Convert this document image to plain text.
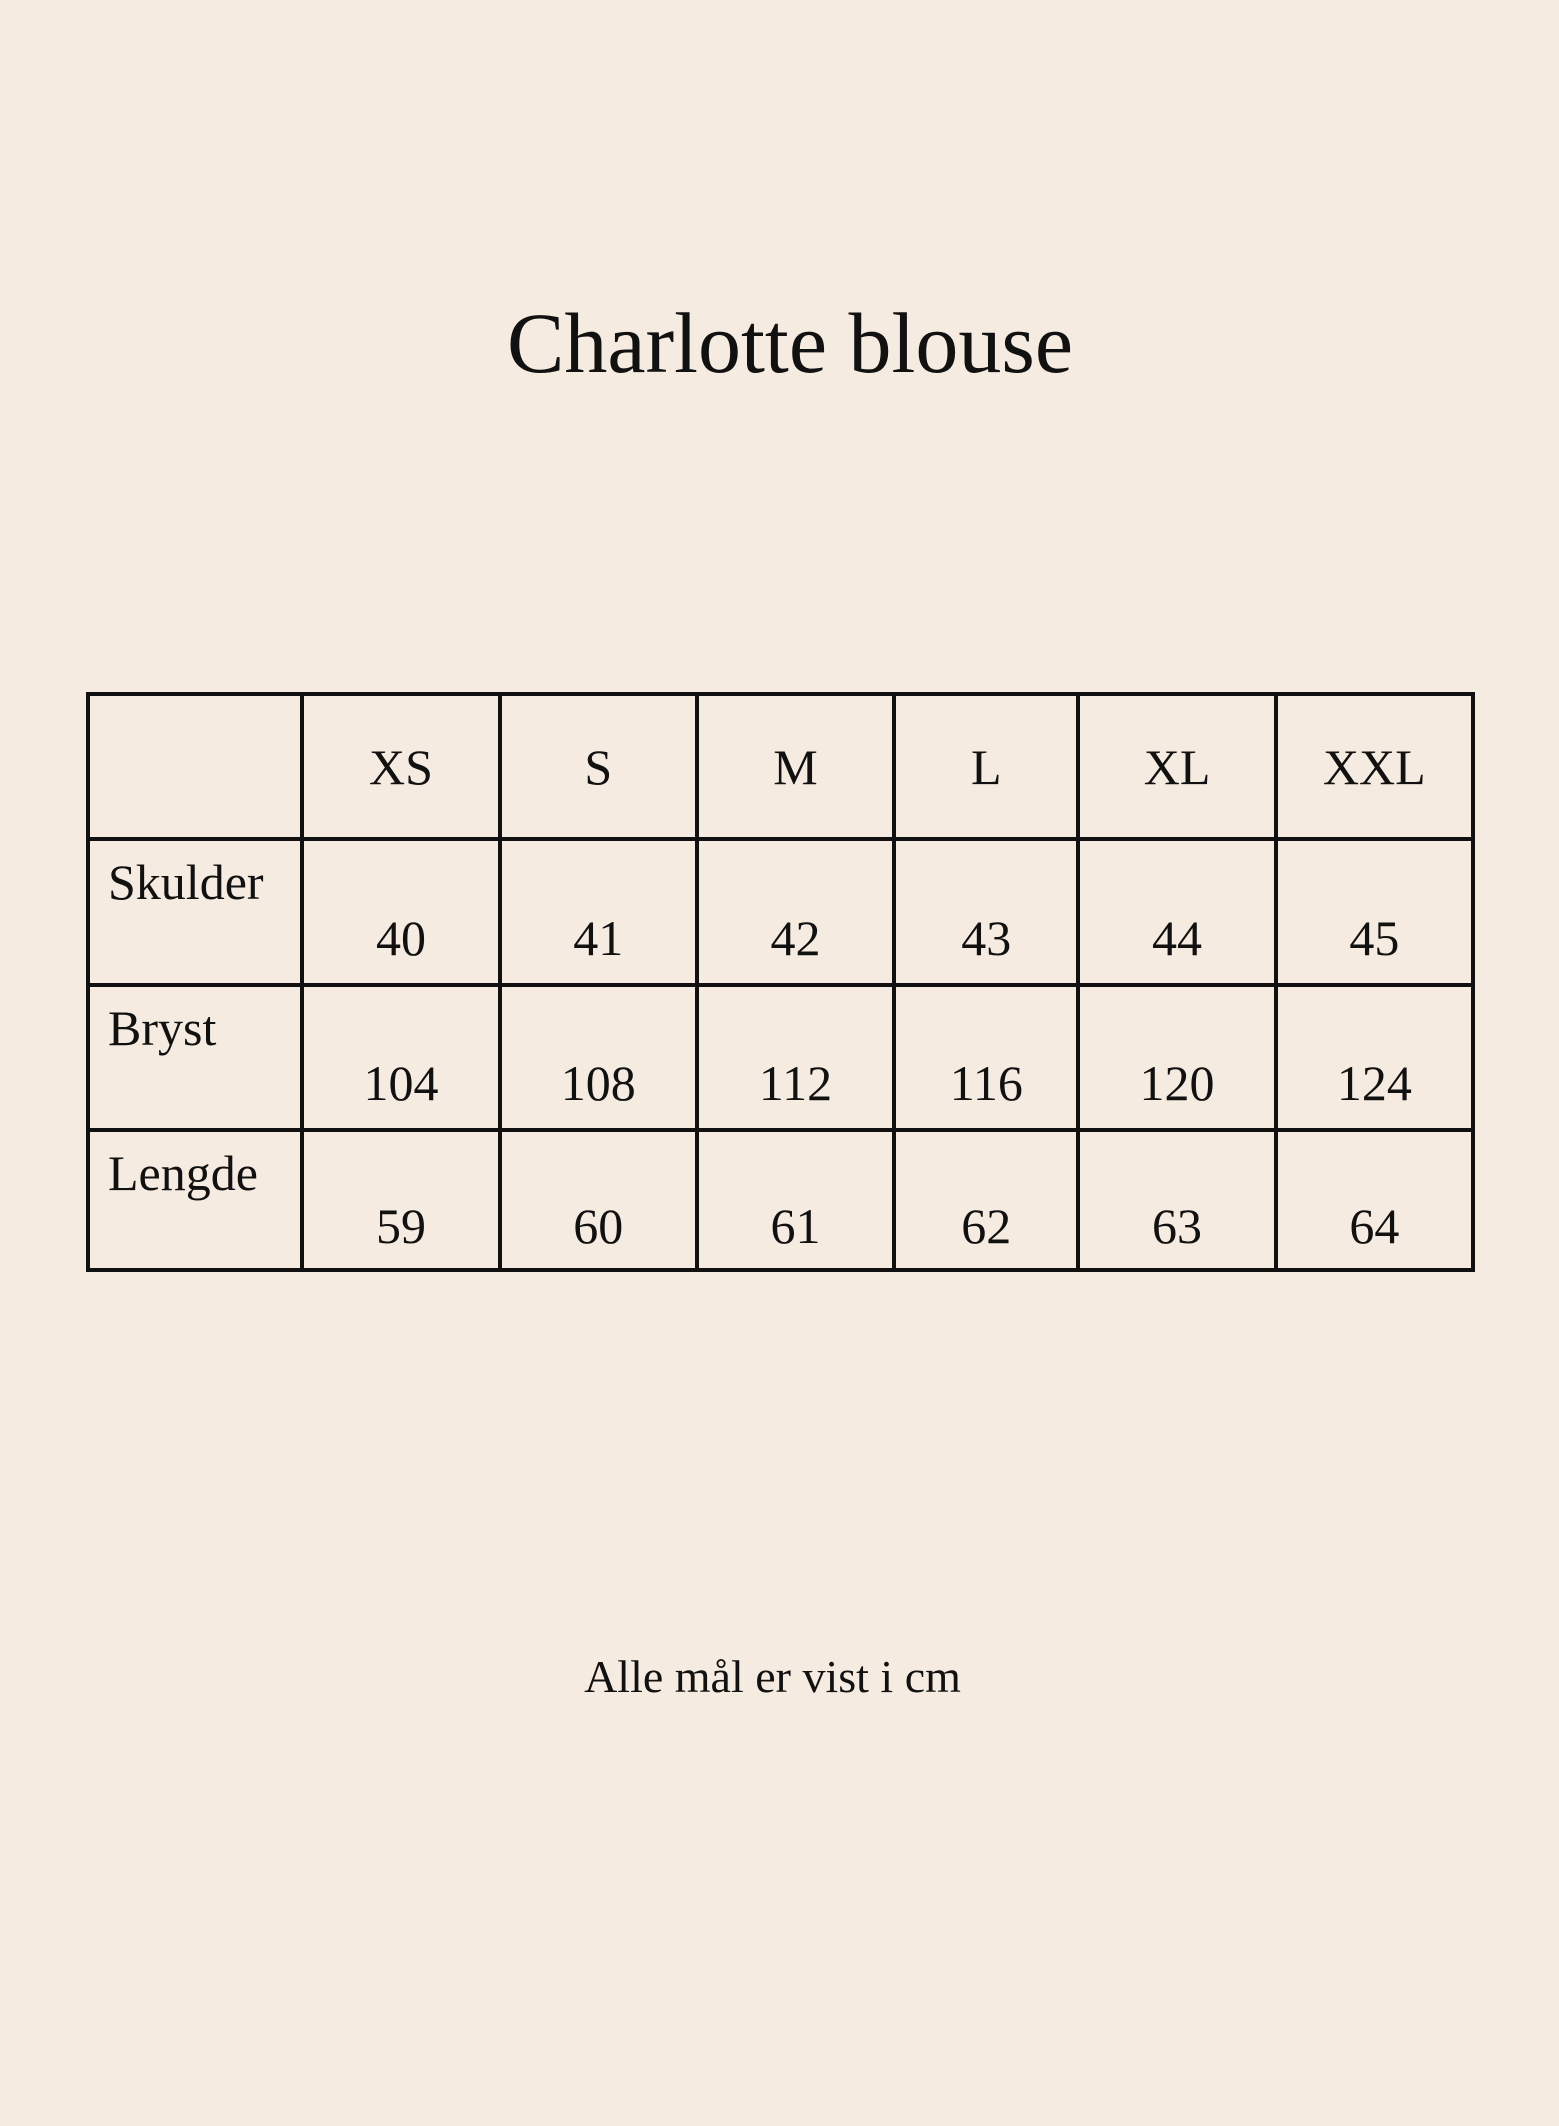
Charlotte blouse
	XS	S	M	L	XL	XXL
Skulder	40	41	42	43	44	45
Bryst	104	108	112	116	120	124
Lengde	59	60	61	62	63	64

Alle mål er vist i cm
